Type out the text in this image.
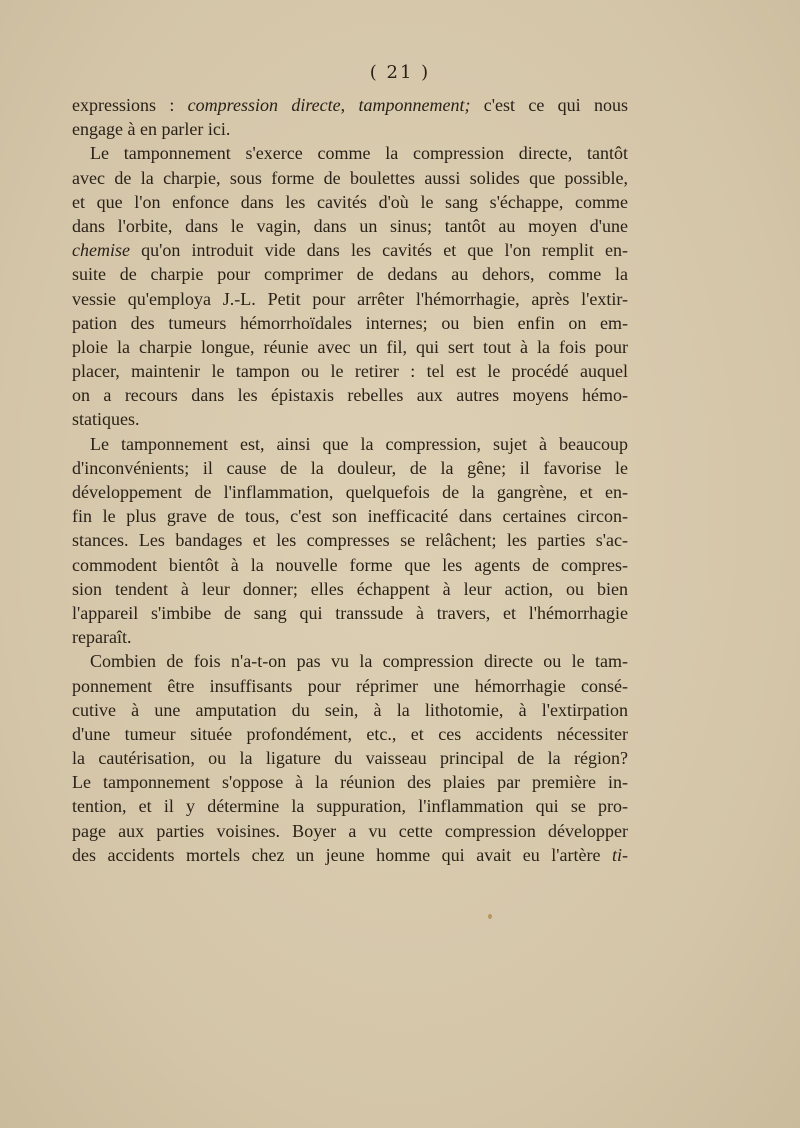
( 21 )
expressions : compression directe, tamponnement; c'est ce qui nous
engage à en parler ici.
Le tamponnement s'exerce comme la compression directe, tantôt
avec de la charpie, sous forme de boulettes aussi solides que possible,
et que l'on enfonce dans les cavités d'où le sang s'échappe, comme
dans l'orbite, dans le vagin, dans un sinus; tantôt au moyen d'une
chemise qu'on introduit vide dans les cavités et que l'on remplit en-
suite de charpie pour comprimer de dedans au dehors, comme la
vessie qu'employa J.-L. Petit pour arrêter l'hémorrhagie, après l'extir-
pation des tumeurs hémorrhoïdales internes; ou bien enfin on em-
ploie la charpie longue, réunie avec un fil, qui sert tout à la fois pour
placer, maintenir le tampon ou le retirer : tel est le procédé auquel
on a recours dans les épistaxis rebelles aux autres moyens hémo-
statiques.
Le tamponnement est, ainsi que la compression, sujet à beaucoup
d'inconvénients; il cause de la douleur, de la gêne; il favorise le
développement de l'inflammation, quelquefois de la gangrène, et en-
fin le plus grave de tous, c'est son inefficacité dans certaines circon-
stances. Les bandages et les compresses se relâchent; les parties s'ac-
commodent bientôt à la nouvelle forme que les agents de compres-
sion tendent à leur donner; elles échappent à leur action, ou bien
l'appareil s'imbibe de sang qui transsude à travers, et l'hémorrhagie
reparaît.
Combien de fois n'a-t-on pas vu la compression directe ou le tam-
ponnement être insuffisants pour réprimer une hémorrhagie consé-
cutive à une amputation du sein, à la lithotomie, à l'extirpation
d'une tumeur située profondément, etc., et ces accidents nécessiter
la cautérisation, ou la ligature du vaisseau principal de la région?
Le tamponnement s'oppose à la réunion des plaies par première in-
tention, et il y détermine la suppuration, l'inflammation qui se pro-
page aux parties voisines. Boyer a vu cette compression développer
des accidents mortels chez un jeune homme qui avait eu l'artère ti-
